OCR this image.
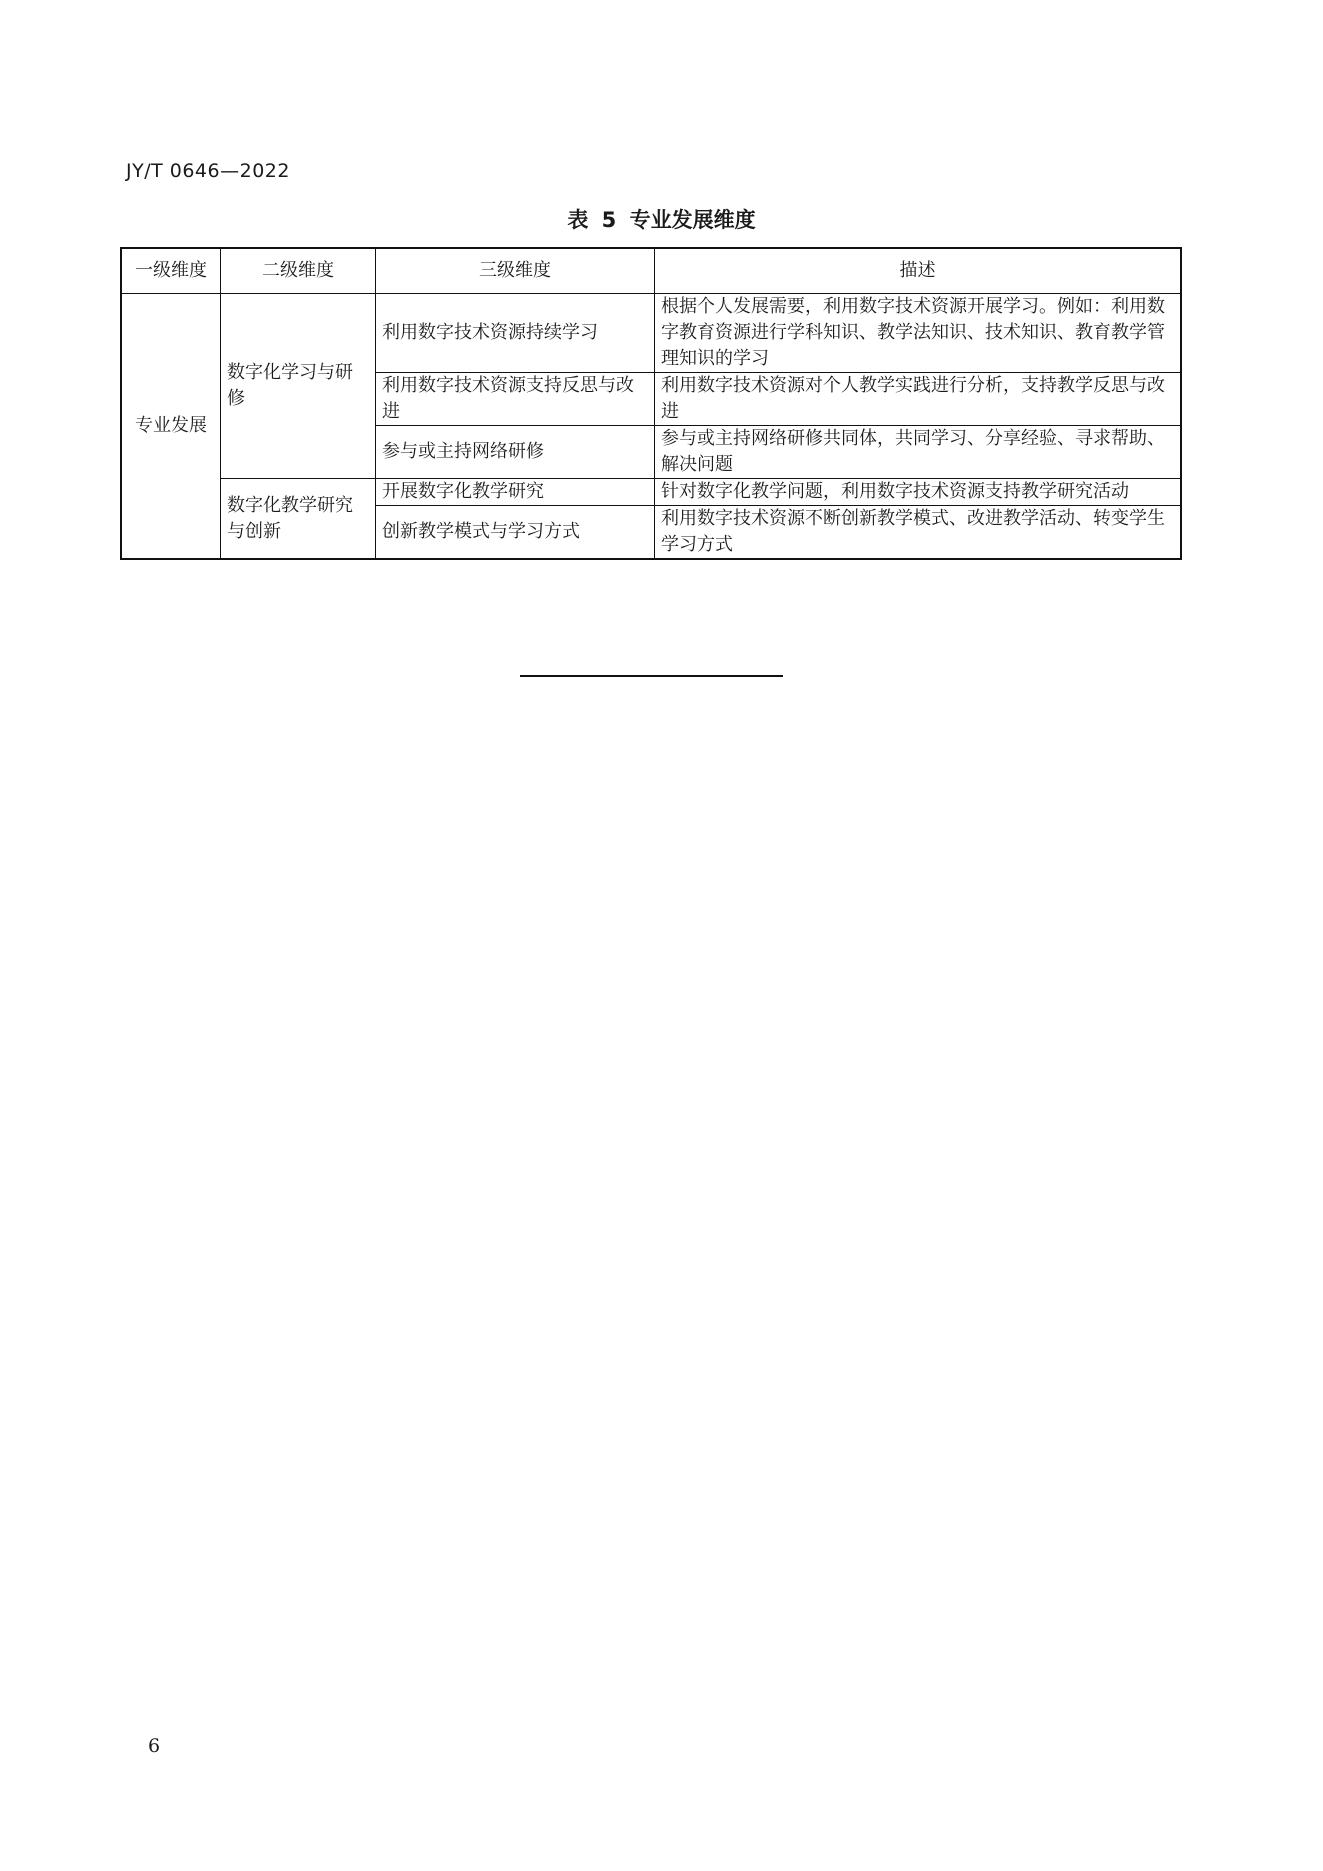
JY/T 0646—2022
表 5 专业发展维度
一级维度	二级维度	三级维度	描述
专业发展	数字化学习与研修	利用数字技术资源持续学习	根据个人发展需要，利用数字技术资源开展学习。例如：利用数字教育资源进行学科知识、教学法知识、技术知识、教育教学管理知识的学习
		利用数字技术资源支持反思与改进	利用数字技术资源对个人教学实践进行分析，支持教学反思与改进
		参与或主持网络研修	参与或主持网络研修共同体，共同学习、分享经验、寻求帮助、解决问题
	数字化教学研究与创新	开展数字化教学研究	针对数字化教学问题，利用数字技术资源支持教学研究活动
		创新教学模式与学习方式	利用数字技术资源不断创新教学模式、改进教学活动、转变学生学习方式
6
